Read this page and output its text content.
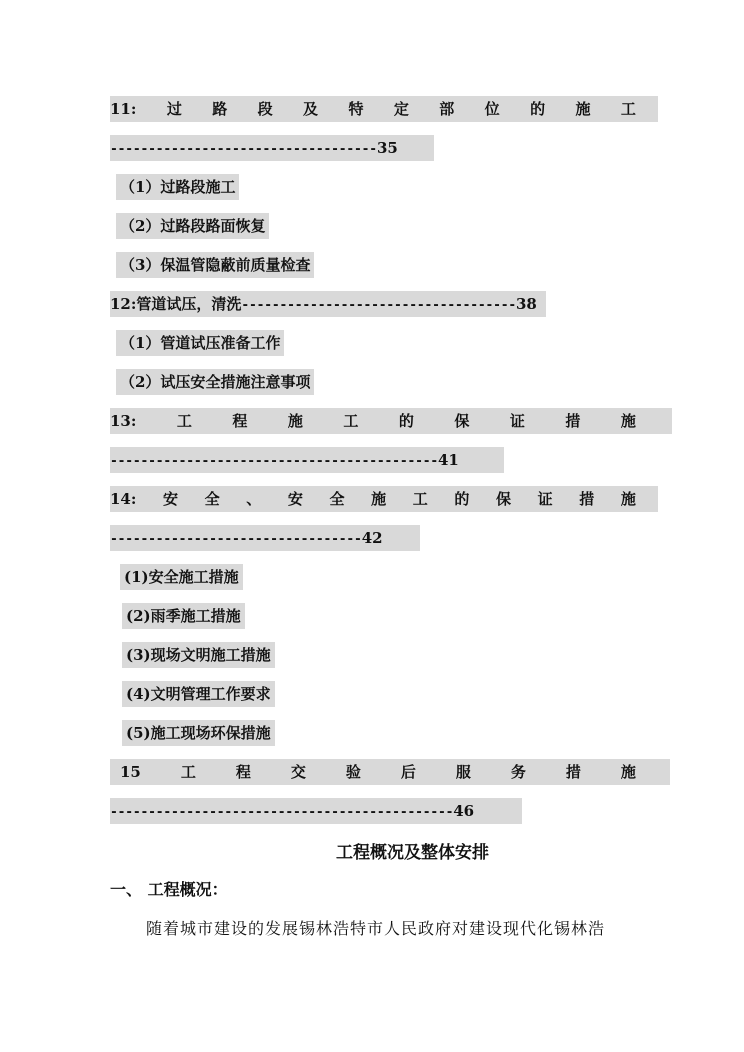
11: 过 路 段 及 特 定 部 位 的 施 工
-----------------------------------35
（1）过路段施工
（2）过路段路面恢复
（3）保温管隐蔽前质量检查
12:管道试压，清洗------------------------------------38
（1）管道试压准备工作
（2）试压安全措施注意事项
13:	工	程	施	工	的	保	证	措	施
-------------------------------------------41
14: 安 全 、 安 全 施 工 的 保 证 措 施
---------------------------------42
(1)安全施工措施
(2)雨季施工措施
(3)现场文明施工措施
(4)文明管理工作要求
(5)施工现场环保措施
15	工	程	交	验	后	服	务	措	施
---------------------------------------------46
工程概况及整体安排
一、 工程概况：
随着城市建设的发展锡林浩特市人民政府对建设现代化锡林浩
